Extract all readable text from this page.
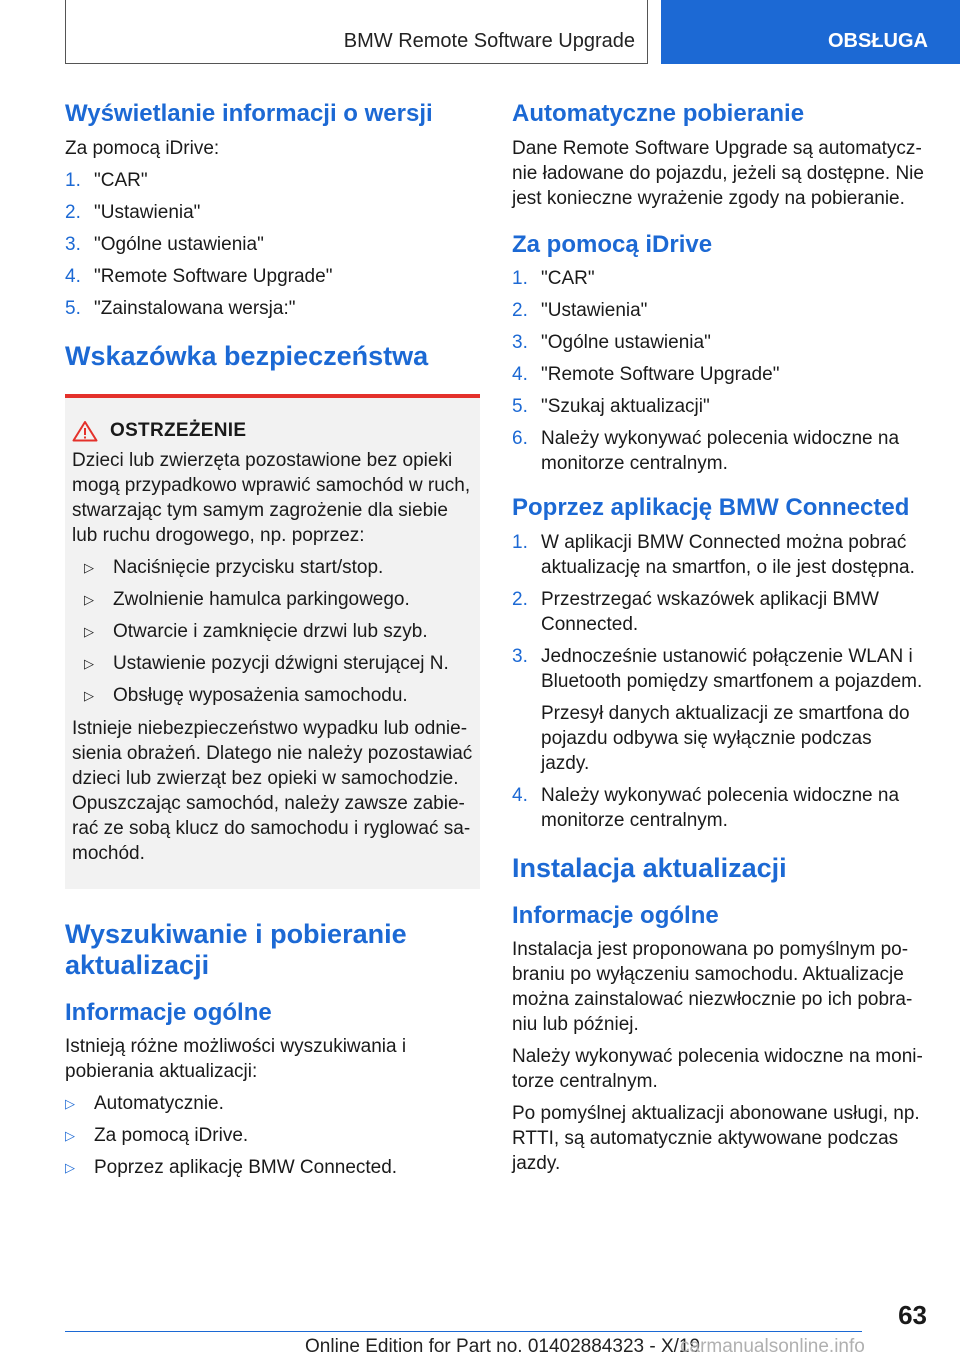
BMW Remote Software Upgrade	OBSŁUGA
Wyświetlanie informacji o wersji

Za pomocą iDrive:

1. "CAR"
2. "Ustawienia"
3. "Ogólne ustawienia"
4. "Remote Software Upgrade"
5. "Zainstalowana wersja:"
Wskazówka bezpieczeństwa
OSTRZEŻENIE

Dzieci lub zwierzęta pozostawione bez opieki mogą przypadkowo wprawić samochód w ruch, stwarzając tym samym zagrożenie dla siebie lub ruchu drogowego, np. poprzez:

▷ Naciśnięcie przycisku start/stop.
▷ Zwolnienie hamulca parkingowego.
▷ Otwarcie i zamknięcie drzwi lub szyb.
▷ Ustawienie pozycji dźwigni sterującej N.
▷ Obsługę wyposażenia samochodu.

Istnieje niebezpieczeństwo wypadku lub odniesienia obrażeń. Dlatego nie należy pozostawiać dzieci lub zwierząt bez opieki w samochodzie. Opuszczając samochód, należy zawsze zabierać ze sobą klucz do samochodu i ryglować samochód.

Wyszukiwanie i pobieranie aktualizacji
Informacje ogólne

Istnieją różne możliwości wyszukiwania i pobierania aktualizacji:

▷ Automatycznie.
▷ Za pomocą iDrive.
▷ Poprzez aplikację BMW Connected.
Automatyczne pobieranie

Dane Remote Software Upgrade są automatycznie ładowane do pojazdu, jeżeli są dostępne. Nie jest konieczne wyrażenie zgody na pobieranie.

Za pomocą iDrive
1. "CAR"
2. "Ustawienia"
3. "Ogólne ustawienia"
4. "Remote Software Upgrade"
5. "Szukaj aktualizacji"
6. Należy wykonywać polecenia widoczne na monitorze centralnym.
Poprzez aplikację BMW Connected
1. W aplikacji BMW Connected można pobrać aktualizację na smartfon, o ile jest dostępna.
2. Przestrzegać wskazówek aplikacji BMW Connected.
3. Jednocześnie ustanowić połączenie WLAN i Bluetooth pomiędzy smartfonem a pojazdem.
Przesył danych aktualizacji ze smartfona do pojazdu odbywa się wyłącznie podczas jazdy.
4. Należy wykonywać polecenia widoczne na monitorze centralnym.
Instalacja aktualizacji
Informacje ogólne

Instalacja jest proponowana po pomyślnym pobraniu po wyłączeniu samochodu. Aktualizacje można zainstalować niezwłocznie po ich pobraniu lub później.

Należy wykonywać polecenia widoczne na monitorze centralnym.

Po pomyślnej aktualizacji abonowane usługi, np. RTTI, są automatycznie aktywowane podczas jazdy.

63
Online Edition for Part no. 01402884323 - X/19
carmanualsonline.info
